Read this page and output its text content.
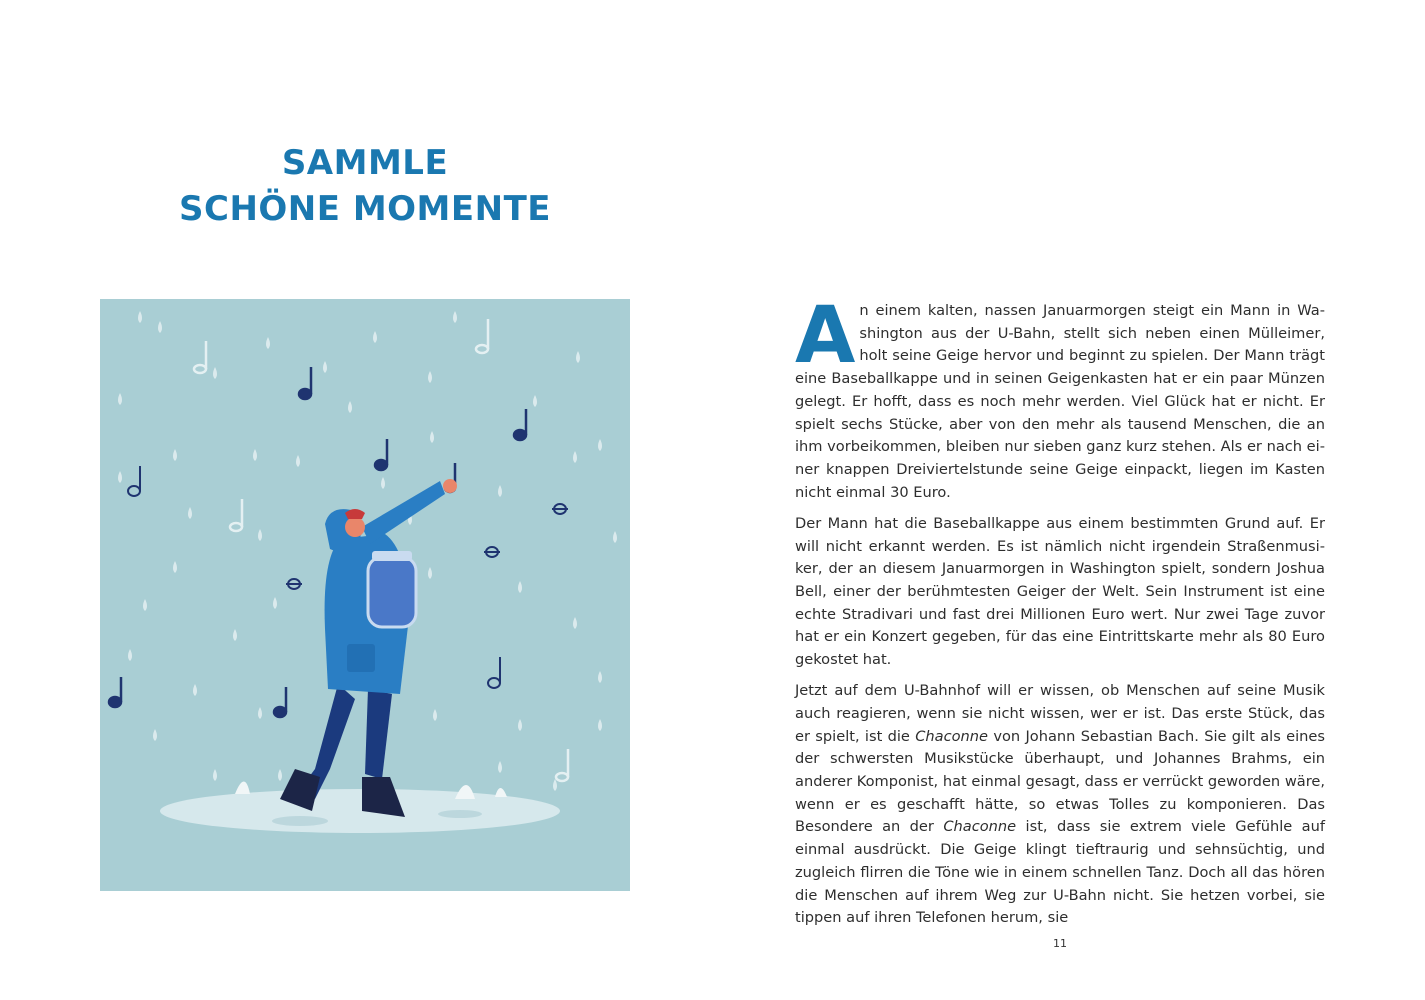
SAMMLE
SCHÖNE MOMENTE

An einem kalten, nassen Januarmorgen steigt ein Mann in Washington aus der U-Bahn, stellt sich neben einen Mülleimer, holt seine Geige hervor und beginnt zu spielen. Der Mann trägt eine Baseballkappe und in seinen Geigenkasten hat er ein paar Münzen gelegt. Er hofft, dass es noch mehr werden. Viel Glück hat er nicht. Er spielt sechs Stücke, aber von den mehr als tausend Menschen, die an ihm vorbeikommen, bleiben nur sieben ganz kurz stehen. Als er nach einer knappen Dreiviertelstunde seine Geige einpackt, liegen im Kasten nicht einmal 30 Euro.

Der Mann hat die Baseballkappe aus einem bestimmten Grund auf. Er will nicht erkannt werden. Es ist nämlich nicht irgendein Straßenmusiker, der an diesem Januarmorgen in Washington spielt, sondern Joshua Bell, einer der berühmtesten Geiger der Welt. Sein Instrument ist eine echte Stradivari und fast drei Millionen Euro wert. Nur zwei Tage zuvor hat er ein Konzert gegeben, für das eine Eintrittskarte mehr als 80 Euro gekostet hat.

Jetzt auf dem U-Bahnhof will er wissen, ob Menschen auf seine Musik auch reagieren, wenn sie nicht wissen, wer er ist. Das erste Stück, das er spielt, ist die Chaconne von Johann Sebastian Bach. Sie gilt als eines der schwersten Musikstücke überhaupt, und Johannes Brahms, ein anderer Komponist, hat einmal gesagt, dass er verrückt geworden wäre, wenn er es geschafft hätte, so etwas Tolles zu komponieren. Das Besondere an der Chaconne ist, dass sie extrem viele Gefühle auf einmal ausdrückt. Die Geige klingt tieftraurig und sehnsüchtig, und zugleich flirren die Töne wie in einem schnellen Tanz. Doch all das hören die Menschen auf ihrem Weg zur U-Bahn nicht. Sie hetzen vorbei, sie tippen auf ihren Telefonen herum, sie

11
